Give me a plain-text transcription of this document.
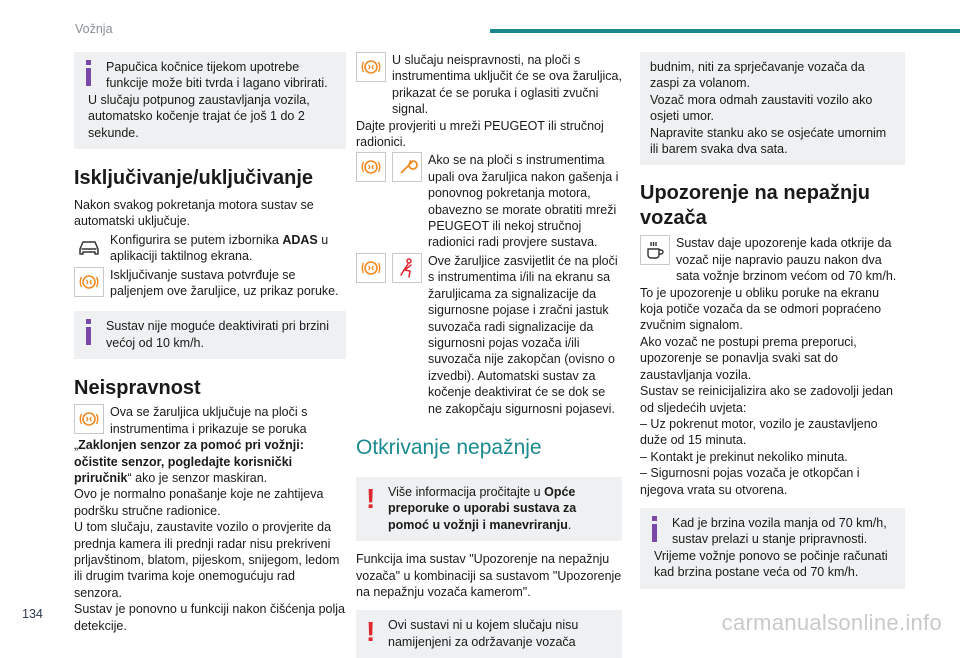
Vožnja
134	carmanualsonline.info

Papučica kočnice tijekom upotrebe

funkcije može biti tvrda i lagano vibrirati.

U slučaju potpunog zaustavljanja vozila, automatsko kočenje trajat će još 1 do 2 sekunde.

Isključivanje/uključivanje

Nakon svakog pokretanja motora sustav se automatski uključuje.

Konfigurira se putem izbornika ADAS u aplikaciji taktilnog ekrana.

Isključivanje sustava potvrđuje se paljenjem ove žaruljice, uz prikaz poruke.

Sustav nije moguće deaktivirati pri brzini većoj od 10 km/h.

Neispravnost

Ova se žaruljica uključuje na ploči s instrumentima i prikazuje se poruka

„Zaklonjen senzor za pomoć pri vožnji: očistite senzor, pogledajte korisnički priručnik“ ako je senzor maskiran.

Ovo je normalno ponašanje koje ne zahtijeva podršku stručne radionice.

U tom slučaju, zaustavite vozilo o provjerite da prednja kamera ili prednji radar nisu prekriveni prljavštinom, blatom, pijeskom, snijegom, ledom ili drugim tvarima koje onemogućuju rad senzora.

Sustav je ponovno u funkciji nakon čišćenja polja detekcije.

U slučaju neispravnosti, na ploči s instrumentima uključit će se ova žaruljica, prikazat će se poruka i oglasiti zvučni signal.

Dajte provjeriti u mreži PEUGEOT ili stručnoj radionici.

Ako se na ploči s instrumentima upali ova žaruljica nakon gašenja i ponovnog pokretanja motora, obavezno se morate obratiti mreži PEUGEOT ili nekoj stručnoj radionici radi provjere sustava.

Ove žaruljice zasvijetlit će na ploči s instrumentima i/ili na ekranu sa žaruljicama za signalizacije da sigurnosne pojase i zračni jastuk suvozača radi signalizacije da sigurnosni pojas vozača i/ili suvozača nije zakopčan (ovisno o izvedbi). Automatski sustav za kočenje deaktivirat će se dok se ne zakopčaju sigurnosni pojasevi.

Otkrivanje nepažnje
!	Više informacija pročitajte u Opće preporuke o uporabi sustava za pomoć u vožnji i manevriranju.

Funkcija ima sustav "Upozorenje na nepažnju vozača" u kombinaciji sa sustavom "Upozorenje na nepažnju vozača kamerom".

!	Ovi sustavi ni u kojem slučaju nisu namijenjeni za održavanje vozača

budnim, niti za sprječavanje vozača da zaspi za volanom.

Vozač mora odmah zaustaviti vozilo ako osjeti umor.

Napravite stanku ako se osjećate umornim ili barem svaka dva sata.

Upozorenje na nepažnju vozača

Sustav daje upozorenje kada otkrije da vozač nije napravio pauzu nakon dva sata vožnje brzinom većom od 70 km/h.

To je upozorenje u obliku poruke na ekranu koja potiče vozača da se odmori popraćeno zvučnim signalom.

Ako vozač ne postupi prema preporuci, upozorenje se ponavlja svaki sat do zaustavljanja vozila.

Sustav se reinicijalizira ako se zadovolji jedan od sljedećih uvjeta:

– Uz pokrenut motor, vozilo je zaustavljeno duže od 15 minuta.

– Kontakt je prekinut nekoliko minuta.

– Sigurnosni pojas vozača je otkopčan i njegova vrata su otvorena.

Kad je brzina vozila manja od 70 km/h,

sustav prelazi u stanje pripravnosti.

Vrijeme vožnje ponovo se počinje računati kad brzina postane veća od 70 km/h.
